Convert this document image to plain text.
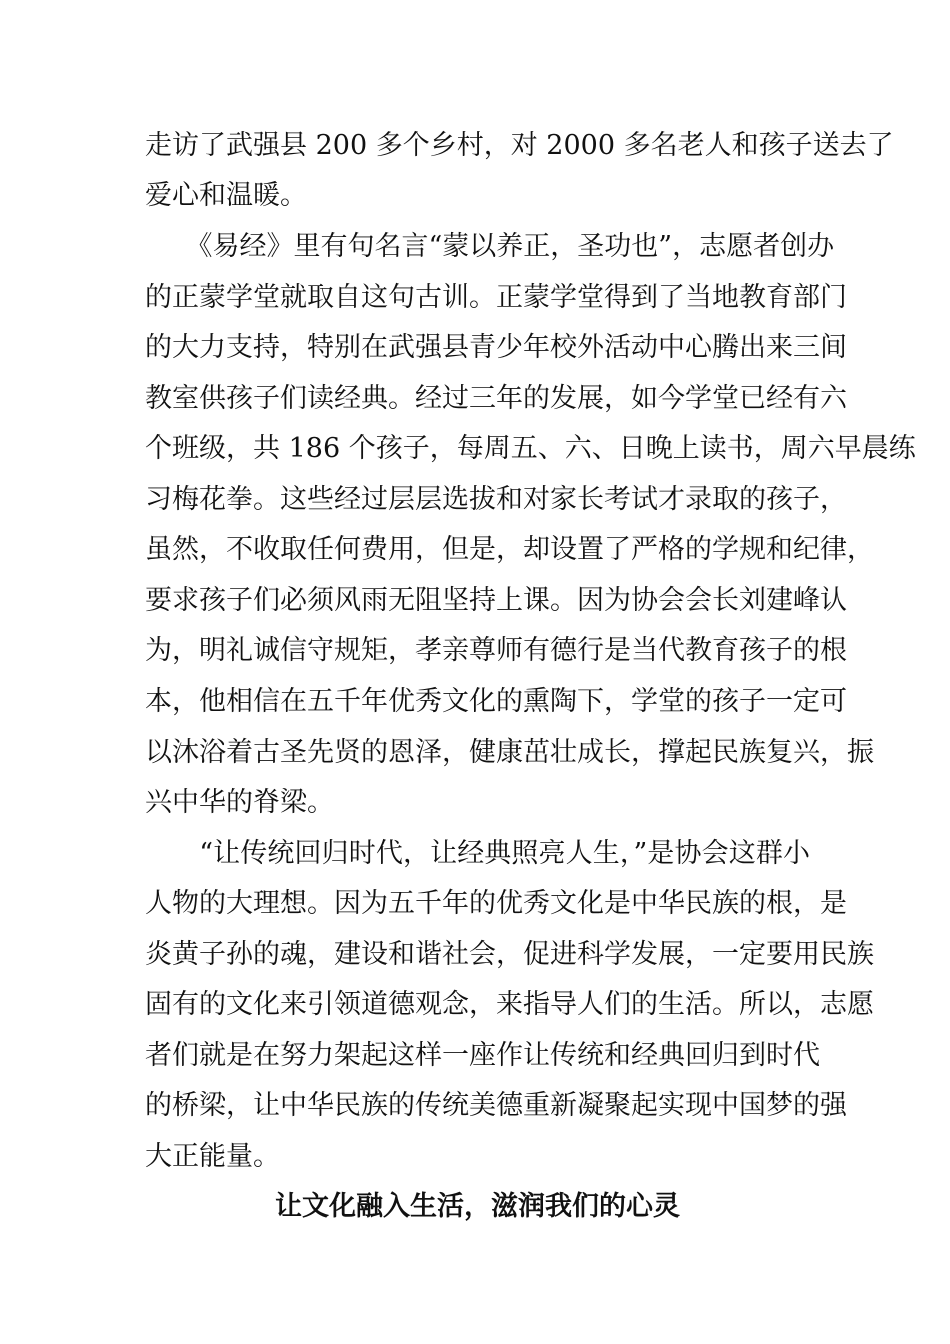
走访了武强县 200 多个乡村，对 2000 多名老人和孩子送去了

爱心和温暖。

　　《易经》里有句名言“蒙以养正，圣功也”，志愿者创办

的正蒙学堂就取自这句古训。正蒙学堂得到了当地教育部门

的大力支持，特别在武强县青少年校外活动中心腾出来三间

教室供孩子们读经典。经过三年的发展，如今学堂已经有六

个班级，共 186 个孩子，每周五、六、日晚上读书，周六早晨练

习梅花拳。这些经过层层选拔和对家长考试才录取的孩子，

虽然，不收取任何费用，但是，却设置了严格的学规和纪律，

要求孩子们必须风雨无阻坚持上课。因为协会会长刘建峰认

为，明礼诚信守规矩，孝亲尊师有德行是当代教育孩子的根

本，他相信在五千年优秀文化的熏陶下，学堂的孩子一定可

以沐浴着古圣先贤的恩泽，健康茁壮成长，撑起民族复兴，振

兴中华的脊梁。

　　“让传统回归时代，让经典照亮人生，”是协会这群小

人物的大理想。因为五千年的优秀文化是中华民族的根，是

炎黄子孙的魂，建设和谐社会，促进科学发展，一定要用民族

固有的文化来引领道德观念，来指导人们的生活。所以，志愿

者们就是在努力架起这样一座作让传统和经典回归到时代

的桥梁，让中华民族的传统美德重新凝聚起实现中国梦的强

大正能量。

让文化融入生活，滋润我们的心灵
